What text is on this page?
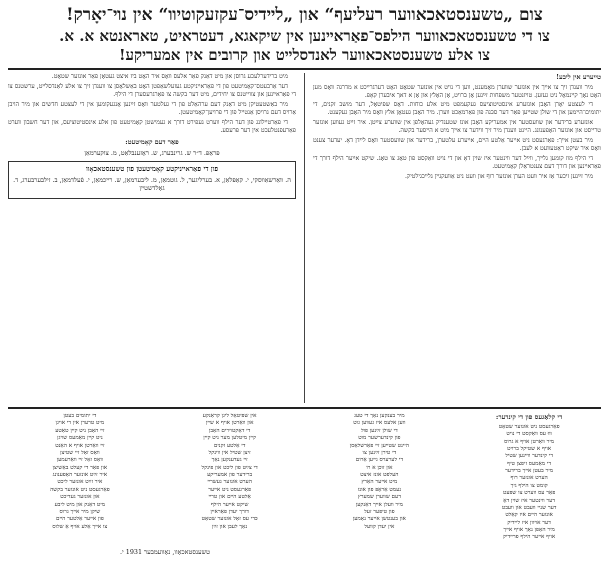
צום „טשענסטאכאווער רעליעף“ און „לײדיס־עקזעקוטיװ“ אין נױ־יאָרק!
צו די טשענסטאכאווער הילפס־פאַראײנען אין שיקאגא, דעטראיט, טאראנטא א. א.
צו אלע טשענסטאכאווער לאנדסלײט און קרובים אין אמעריקע!
טײערע אין ליבע!

מיר װענדן זיך צו אײך אין אונזער שװערן מאָמענט, װען די נויט אין אונזער שטאָט האָט דערגרײכט א מדרגה װאָס מען האָט נאָך קײנמאָל ניט געזען. טױזנטער משפּחות זײַנען אָן ברויט, אָן האָלץ און אָן א דאך איבערן קאָפּ.

די לעצטע יאָרן האָבן אונזערע אינסטיטוציעס געקעמפט מיט אלע כוחות. דאָס שפּיטאָל, דער מושב זקנים, די יתומים־הײמען און די שולן שטײען פאַר דער סכּנה פון פאַרמאַכט װערן. מיר האָבן געטאָן אלץ װאָס מיר האָבן געקענט.

אונזערע ברידער און שװעסטער אין אמעריקע האָבן אונז שטענדיק געהאָלפן אין שװערע צײַטן. איר זײַט געװען אונזער טרייסט און אונזער האָפענונג. היינט װענדן מיר זיך װידער צו אײך מיט א הײסער בקשה.

מיר בעטן אײך: פאַרגעסט ניט אײער אַלטע הײם, אײערע עלטערן, ברידער און שװעסטער װאָס לײדן דאָ. יעדער צענט װאָס איר שיקט ראַטעװעט א לעבן.

די הילף מוז קומען גלײך, װײַל דער װינטער איז שוין דאָ און די נויט װאַקסט פון טאָג צו טאָג. שיקט אײַער הילף דורך די פאַראײנען און דורך דעם צענטראַלן קאָמיטעט.

מיר זײַנען זיכער אַז איר װעט הערן אונזער רוף און װעט ניט אַװעקגײן גלײכגילטיק.

מיט ברידערלעכע גרוסן און מיט דאַנק פאַר אלעס װאָס איר האָט ביז איצט געטאָן פאַר אונזער שטאָט.

דער אַרבעטס־קאָמיטעט פון די פאַראײניקטע געזעלשאַפטן האָט באַשלאָסן צו װענדן זיך צו אלע לאַנדסלײט, ערשטנס צו די פאַראײנען און צװייטנס צו יחידים, מיט דער בקשה צו פאַרגרעסערן די הילף.

מיר באַשטעטיקן מיט דאַנק דעם ערהאַלט פון די געלטער װאָס זײַנען אָנגעקומען אין די לעצטע חדשים און מיר הױבן אַרױס דעם גרויסן אַנטײל פון די פרויען־קאָמיטעטן.

די פאַרטײלונג פון דער הילף װערט געפירט דורך א געמישטן קאָמיטעט פון אלע אינסטיטוציעס, און דער חשבון װערט פאַרעפנטלעכט אין דער פּרעסע.

פאַר דעם קאָמיטעט:

פּראַפּ. ד״ר ש. גרינבערג, ש. ראָזענבלאַט, מ. צוקערמאַן

פון די פאַראײניקטע קאָמיטעטן פון טשענסטאכאָוו

ה. װאַרשאַװסקי, י. קאַפּלאַן, א. בערליגער, ל. גוטמאַן, מ. ליבערמאַן, ש. רײכמאַן, י. פֿעלדמאַן, ב. זילבערבערג, ד. גאָלדשטײן

די קלאַגעס פון די קינדער:
פאַרגעסט ניט אונזער שטאָט
װוּ עס װאַקסט די נויט
מיר װאַרטן אויף א גרוס
אויף א שטיקל ברויט
די קינדער װײנען שטיל
די מאַמעס זיפצן טיף
מיר בעטן אײך ברידער
הערט אונזער רוף
קומט צו הילף גיך
פאַר עס װערט צו שפּעט
דער װינטער איז שוין דאָ
דער שניי װעבט און װעבט
אונזער הײם איז קאַלט
דער אויװן איז ליידיק
מיר האָפן נאָך אויף אײך
אויף אײער הילף פרײדיק
מיר בענקען נאָך די טעג
װען אלעס איז געװען גוט
די שולן זײַנען פול
פון קינדערשער מוט
היינט שטײען זײ פאַרשלאָסן
די טירן זײַנען צו
די לערערס גײען אַרום
און זוכן א רו
העלפט אונז איצט
מיט אײער האַרץ
נעמט אַראָפּ פון אונז
דעם שװערן שמערץ
מיר װעלן אײך דאַנקען
פון טיפער זעל
און בענטשן אײער נאָמען
אין יעדן קװעל
אין שפּיטאָל ליגן קראַנקע
און װאַרטן אויף א שײן
די דאָקטוירים האָבן
קײן מיטלען מער ניט קײן
די אַלטע זקנים
זיצן שטיל אין װינקל
זײ געדענקען נאָך
די צײַט פון ליכט און פינקל
ברידער פון אמעריקע
הערט אונזער געשרײ
פאַרגעסט ניט אײער
אַלטע הײם און טרײ
שיקט אײער הילף
דורך יעדן פאַראײן
כּדי עס זאָל אונזער שטאָט
נאָך לעבן און זײַן
די יתומים בעטן
מיט טרערן אין די אויגן
זײ האָבן ניט קײן טאַטע
ניט קײן מאַמעס שויגן
זײ װאַרטן אויף א האַנט
װאָס זאָל זײ שטיצן
װאָס זאָל זײ װאַרעמען
און פאַר די קעלט באַשיצן
איר זײַט אונזער האָפענונג
איר זײַט אונזער ליכט
פאַרגעסט ניט אונזער בקשה
און אונזער געדיכט
מיט דאַנק און מיט ליבע
שיקן מיר אײך גרוס
פון אײער אַלטער הײם
צו אײך אַלע אויף אַ שלוס
טשענסטאכאָוו, נאָװעמבער 1931 י.
